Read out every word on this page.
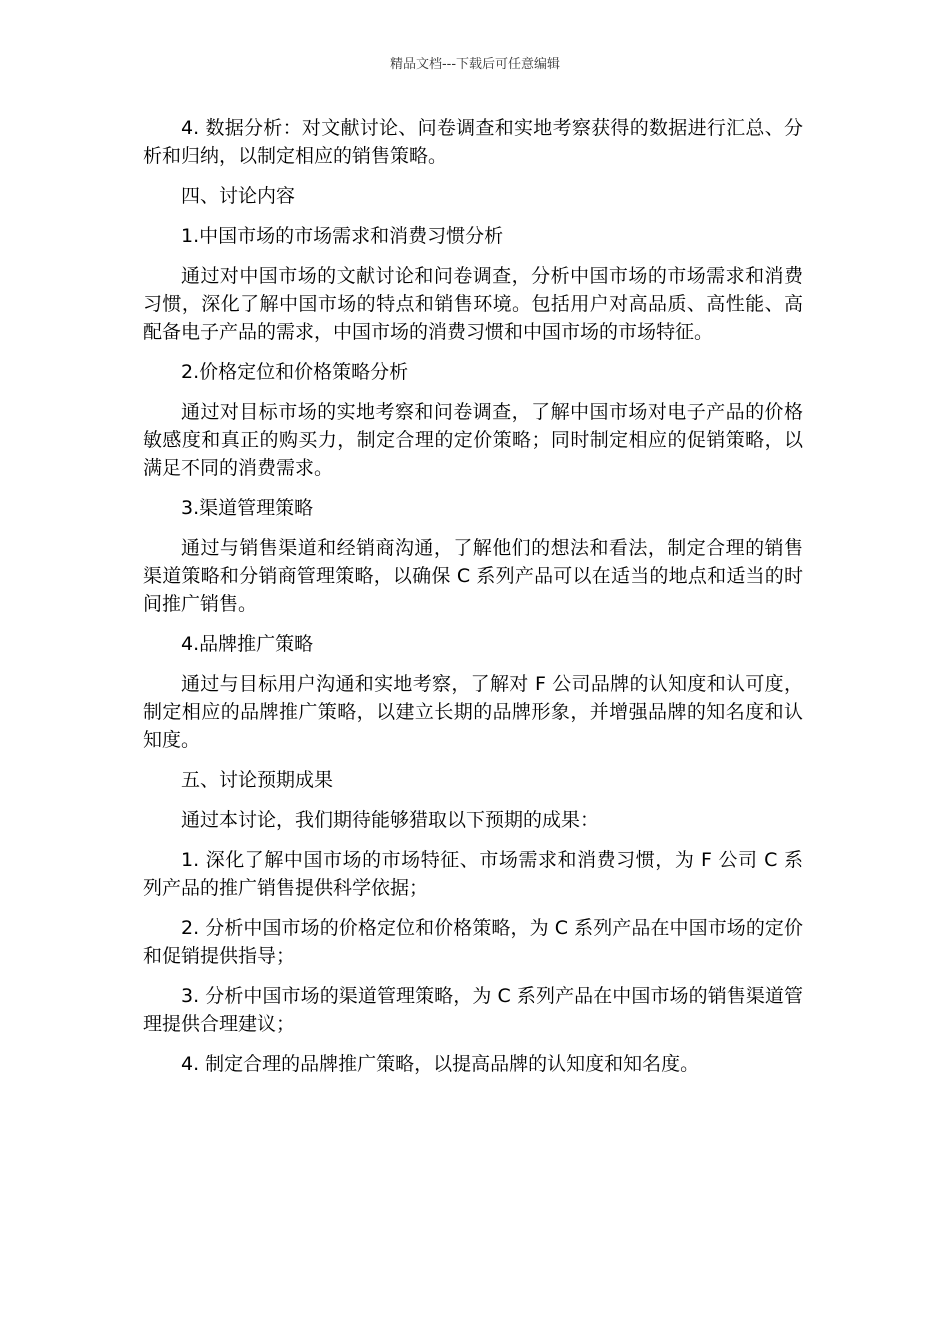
精品文档---下载后可任意编辑

4. 数据分析：对文献讨论、问卷调查和实地考察获得的数据进行汇总、分析和归纳，以制定相应的销售策略。

四、讨论内容

1.中国市场的市场需求和消费习惯分析

通过对中国市场的文献讨论和问卷调查，分析中国市场的市场需求和消费习惯，深化了解中国市场的特点和销售环境。包括用户对高品质、高性能、高配备电子产品的需求，中国市场的消费习惯和中国市场的市场特征。

2.价格定位和价格策略分析

通过对目标市场的实地考察和问卷调查，了解中国市场对电子产品的价格敏感度和真正的购买力，制定合理的定价策略；同时制定相应的促销策略，以满足不同的消费需求。

3.渠道管理策略

通过与销售渠道和经销商沟通，了解他们的想法和看法，制定合理的销售渠道策略和分销商管理策略，以确保 C 系列产品可以在适当的地点和适当的时间推广销售。

4.品牌推广策略

通过与目标用户沟通和实地考察，了解对 F 公司品牌的认知度和认可度，制定相应的品牌推广策略，以建立长期的品牌形象，并增强品牌的知名度和认知度。

五、讨论预期成果

通过本讨论，我们期待能够猎取以下预期的成果：

1. 深化了解中国市场的市场特征、市场需求和消费习惯，为 F 公司 C 系列产品的推广销售提供科学依据；

2. 分析中国市场的价格定位和价格策略，为 C 系列产品在中国市场的定价和促销提供指导；

3. 分析中国市场的渠道管理策略，为 C 系列产品在中国市场的销售渠道管理提供合理建议；

4. 制定合理的品牌推广策略，以提高品牌的认知度和知名度。
